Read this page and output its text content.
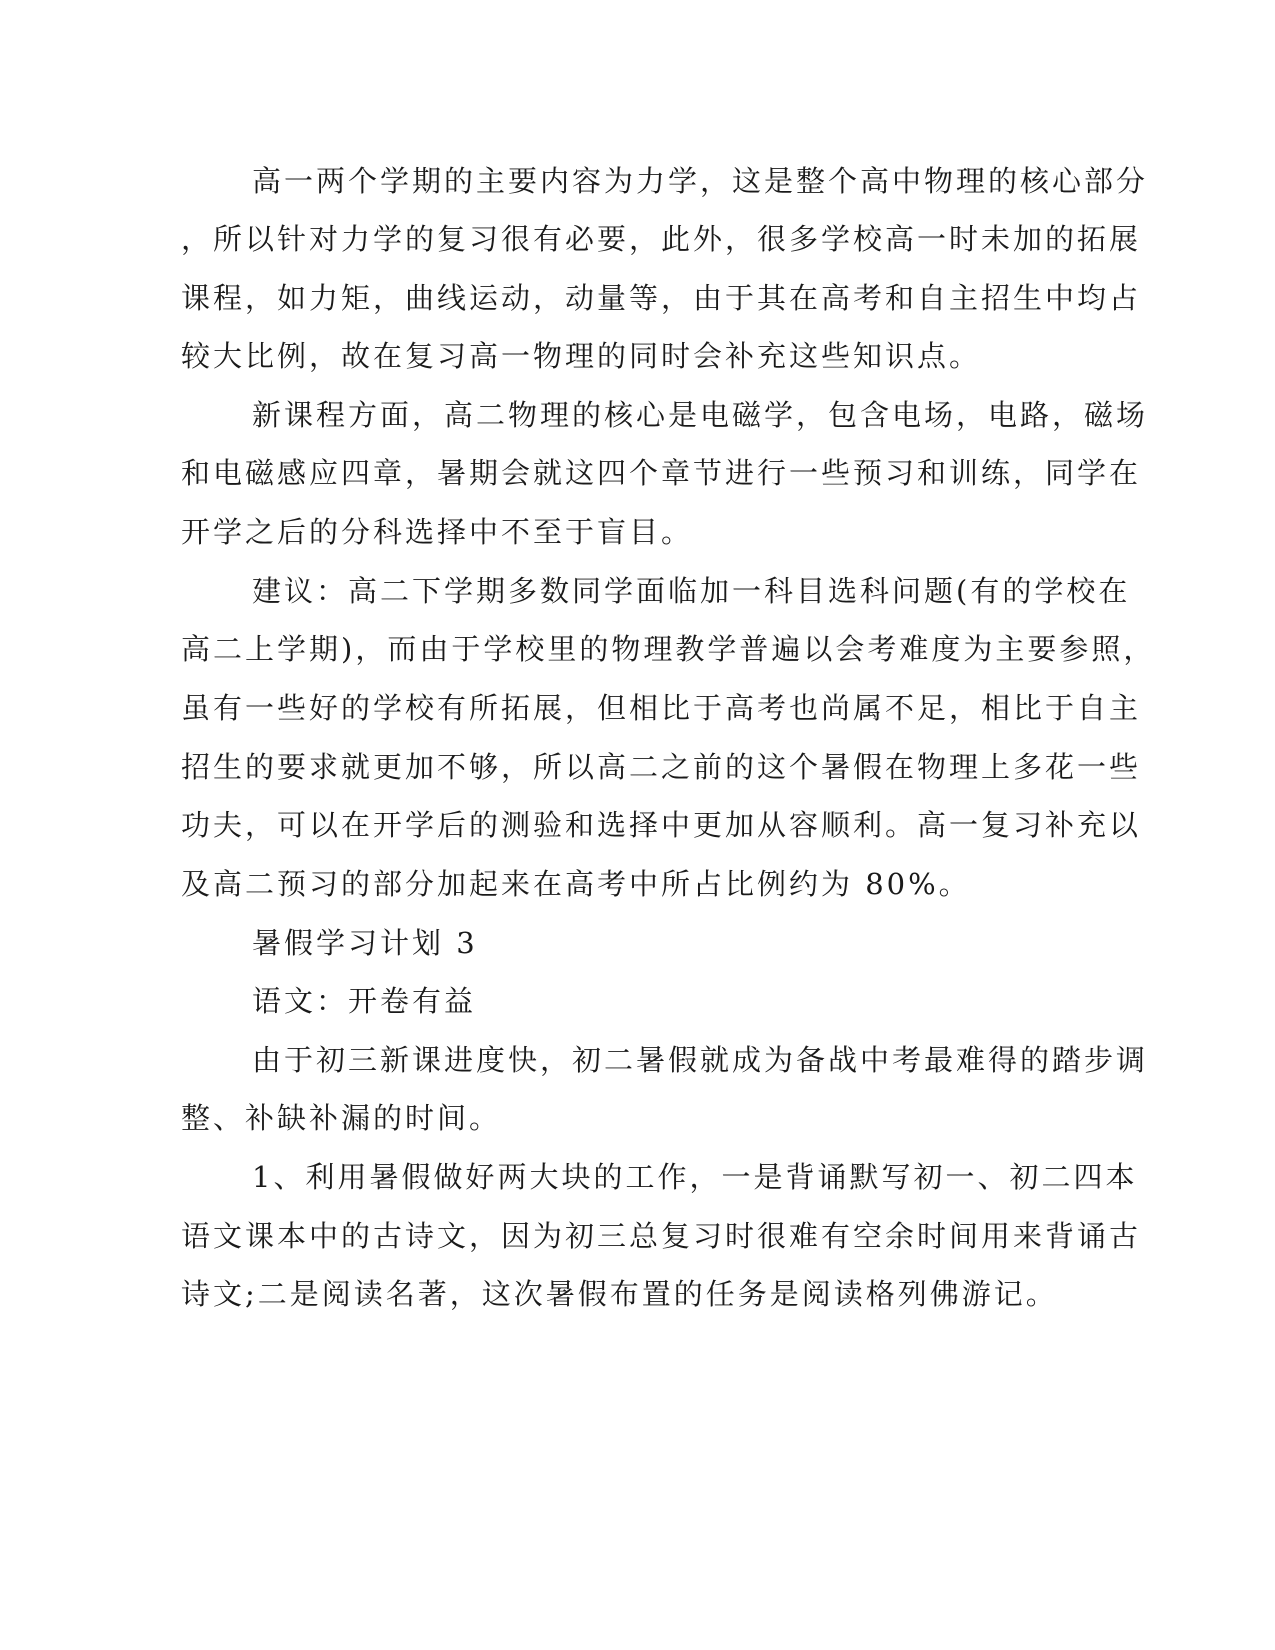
高一两个学期的主要内容为力学，这是整个高中物理的核心部分
，所以针对力学的复习很有必要，此外，很多学校高一时未加的拓展
课程，如力矩，曲线运动，动量等，由于其在高考和自主招生中均占
较大比例，故在复习高一物理的同时会补充这些知识点。
新课程方面，高二物理的核心是电磁学，包含电场，电路，磁场
和电磁感应四章，暑期会就这四个章节进行一些预习和训练，同学在
开学之后的分科选择中不至于盲目。
建议：高二下学期多数同学面临加一科目选科问题(有的学校在
高二上学期)，而由于学校里的物理教学普遍以会考难度为主要参照，
虽有一些好的学校有所拓展，但相比于高考也尚属不足，相比于自主
招生的要求就更加不够，所以高二之前的这个暑假在物理上多花一些
功夫，可以在开学后的测验和选择中更加从容顺利。高一复习补充以
及高二预习的部分加起来在高考中所占比例约为 80%。
暑假学习计划 3
语文：开卷有益
由于初三新课进度快，初二暑假就成为备战中考最难得的踏步调
整、补缺补漏的时间。
1、利用暑假做好两大块的工作，一是背诵默写初一、初二四本
语文课本中的古诗文，因为初三总复习时很难有空余时间用来背诵古
诗文;二是阅读名著，这次暑假布置的任务是阅读格列佛游记。
